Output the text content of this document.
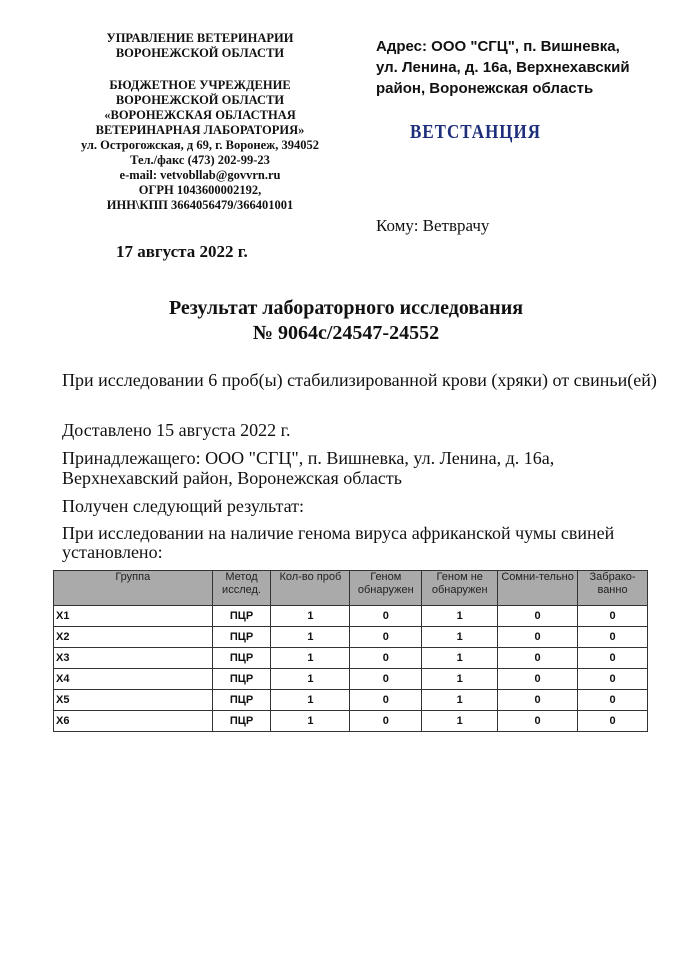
УПРАВЛЕНИЕ ВЕТЕРИНАРИИ
ВОРОНЕЖСКОЙ ОБЛАСТИ
БЮДЖЕТНОЕ УЧРЕЖДЕНИЕ
ВОРОНЕЖСКОЙ ОБЛАСТИ
«ВОРОНЕЖСКАЯ ОБЛАСТНАЯ
ВЕТЕРИНАРНАЯ ЛАБОРАТОРИЯ»
ул. Острогожская, д 69, г. Воронеж, 394052
Тел./факс (473) 202-99-23
e-mail: vetvobllab@govvrn.ru
ОГРН 1043600002192,
ИНН\КПП 3664056479/366401001
Адрес: ООО "СГЦ", п. Вишневка,
ул. Ленина, д. 16а, Верхнехавский
район, Воронежская область
ВЕТСТАНЦИЯ
Кому: Ветврачу
17 августа 2022 г.
Результат лабораторного исследования
№ 9064с/24547-24552
При исследовании 6 проб(ы) стабилизированной крови (хряки) от свиньи(ей)
Доставлено 15 августа 2022 г.
Принадлежащего: ООО "СГЦ", п. Вишневка, ул. Ленина, д. 16а, Верхнехавский район, Воронежская область
Получен следующий результат:
При исследовании на наличие генома вируса африканской чумы свиней установлено:
Группа	Метод исслед.	Кол-во проб	Геном обнаружен	Геном не обнаружен	Сомни-тельно	Забрако-ванно
X1	ПЦР	1	0	1	0	0
X2	ПЦР	1	0	1	0	0
X3	ПЦР	1	0	1	0	0
X4	ПЦР	1	0	1	0	0
X5	ПЦР	1	0	1	0	0
X6	ПЦР	1	0	1	0	0
